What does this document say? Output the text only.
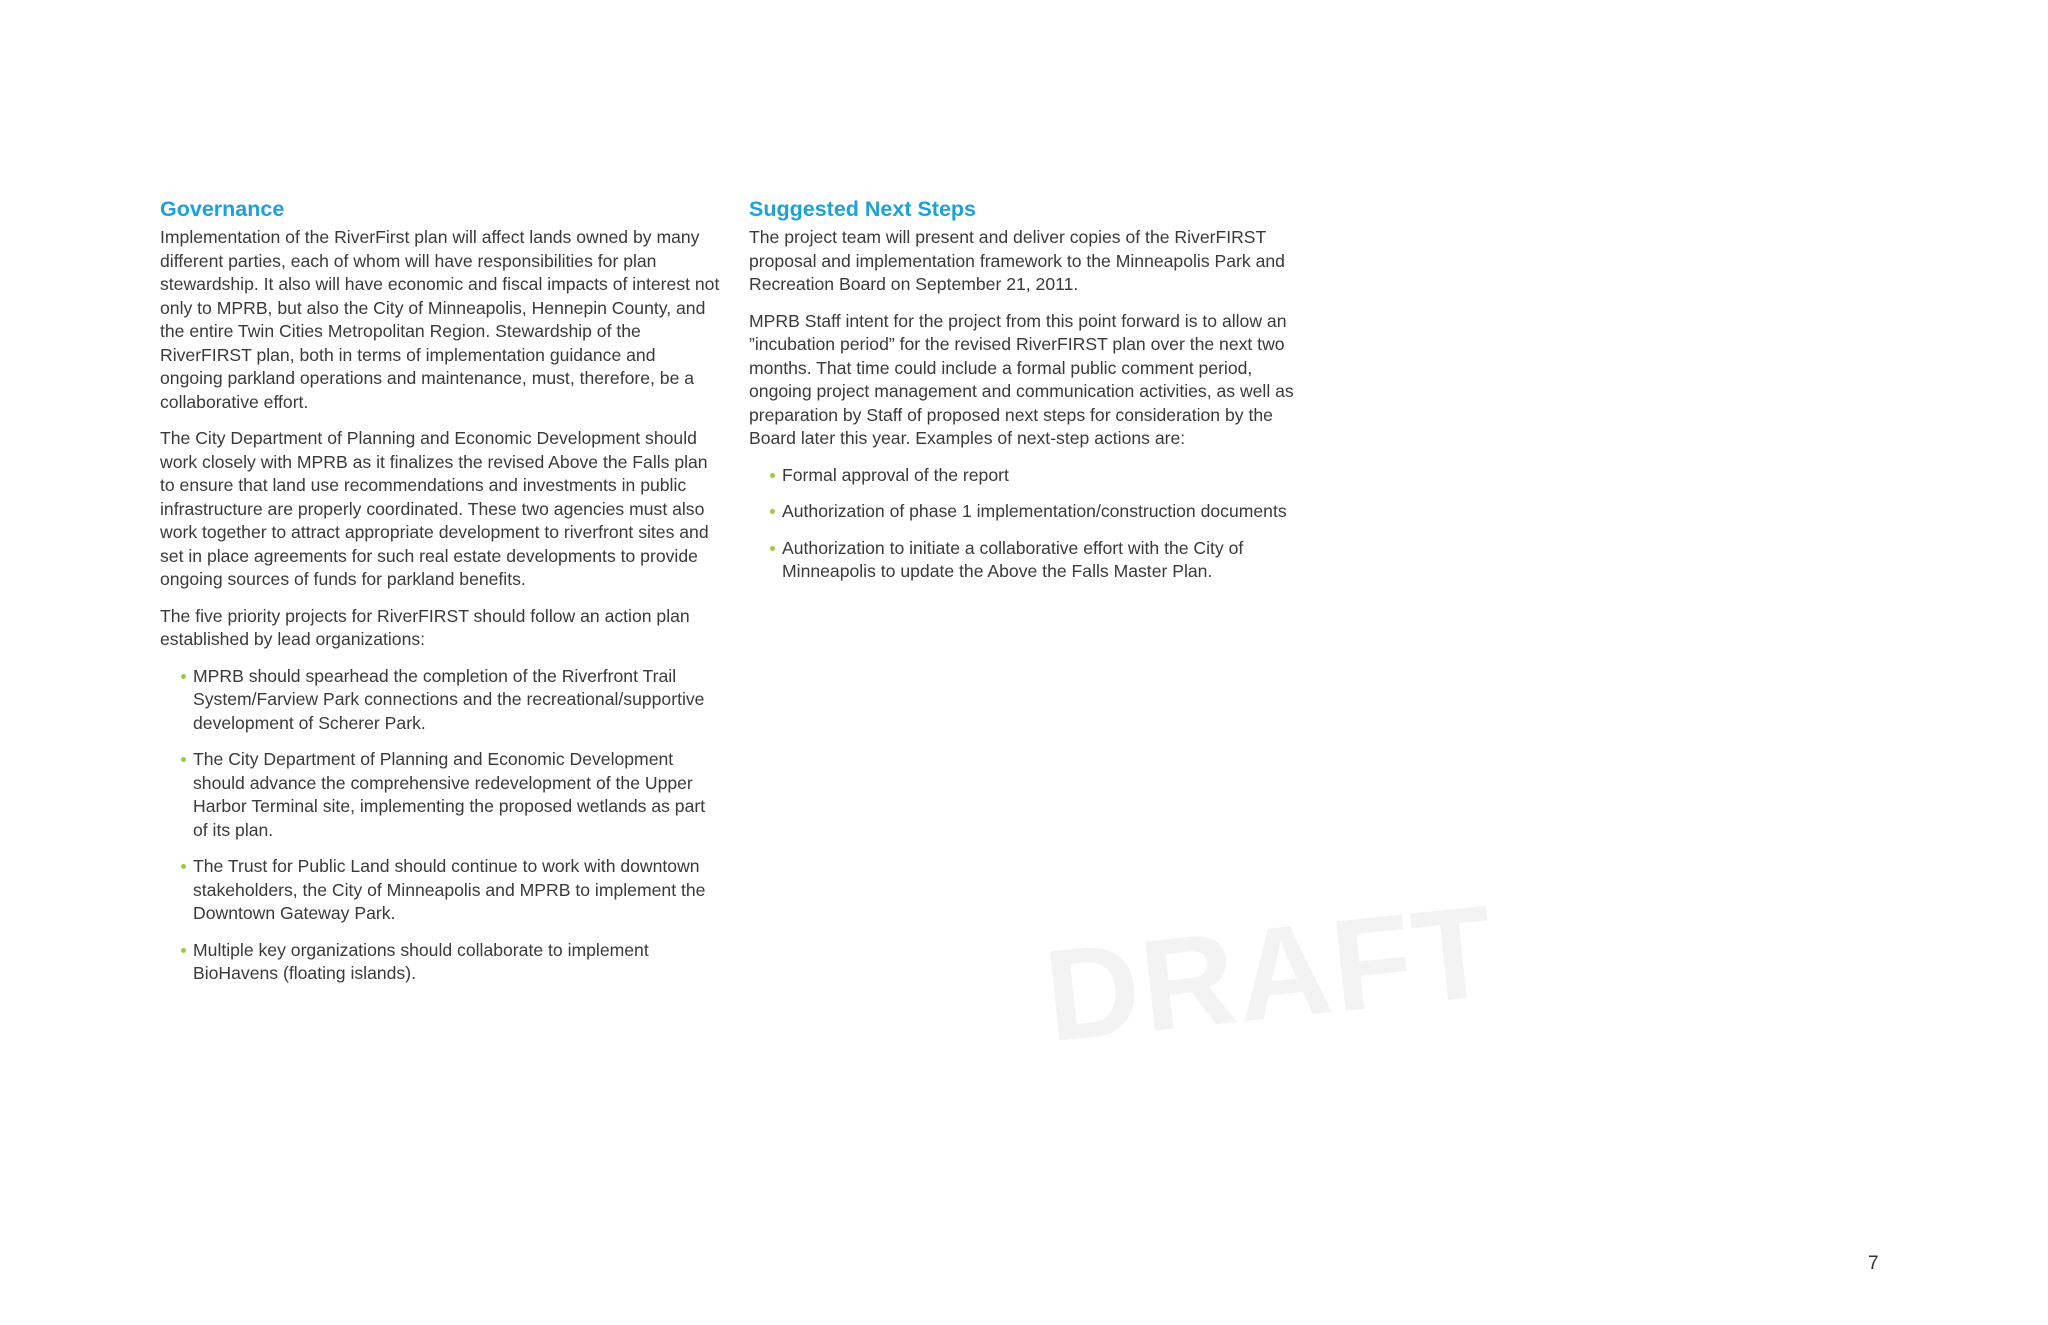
DRAFT
Governance

Implementation of the RiverFirst plan will affect lands owned by many different parties, each of whom will have responsibilities for plan stewardship. It also will have economic and fiscal impacts of interest not only to MPRB, but also the City of Minneapolis, Hennepin County, and the entire Twin Cities Metropolitan Region. Stewardship of the RiverFIRST plan, both in terms of implementation guidance and ongoing parkland operations and maintenance, must, therefore, be a collaborative effort.

The City Department of Planning and Economic Development should work closely with MPRB as it finalizes the revised Above the Falls plan to ensure that land use recommendations and investments in public infrastructure are properly coordinated. These two agencies must also work together to attract appropriate development to riverfront sites and set in place agreements for such real estate developments to provide ongoing sources of funds for parkland benefits.

The five priority projects for RiverFIRST should follow an action plan established by lead organizations:

MPRB should spearhead the completion of the Riverfront Trail System/Farview Park connections and the recreational/supportive development of Scherer Park.
The City Department of Planning and Economic Development should advance the comprehensive redevelopment of the Upper Harbor Terminal site, implementing the proposed wetlands as part of its plan.
The Trust for Public Land should continue to work with downtown stakeholders, the City of Minneapolis and MPRB to implement the Downtown Gateway Park.
Multiple key organizations should collaborate to implement BioHavens (floating islands).
Suggested Next Steps

The project team will present and deliver copies of the RiverFIRST proposal and implementation framework to the Minneapolis Park and Recreation Board on September 21, 2011.

MPRB Staff intent for the project from this point forward is to allow an ”incubation period” for the revised RiverFIRST plan over the next two months. That time could include a formal public comment period, ongoing project management and communication activities, as well as preparation by Staff of proposed next steps for consideration by the Board later this year. Examples of next-step actions are:

Formal approval of the report
Authorization of phase 1 implementation/construction documents
Authorization to initiate a collaborative effort with the City of Minneapolis to update the Above the Falls Master Plan.
7
